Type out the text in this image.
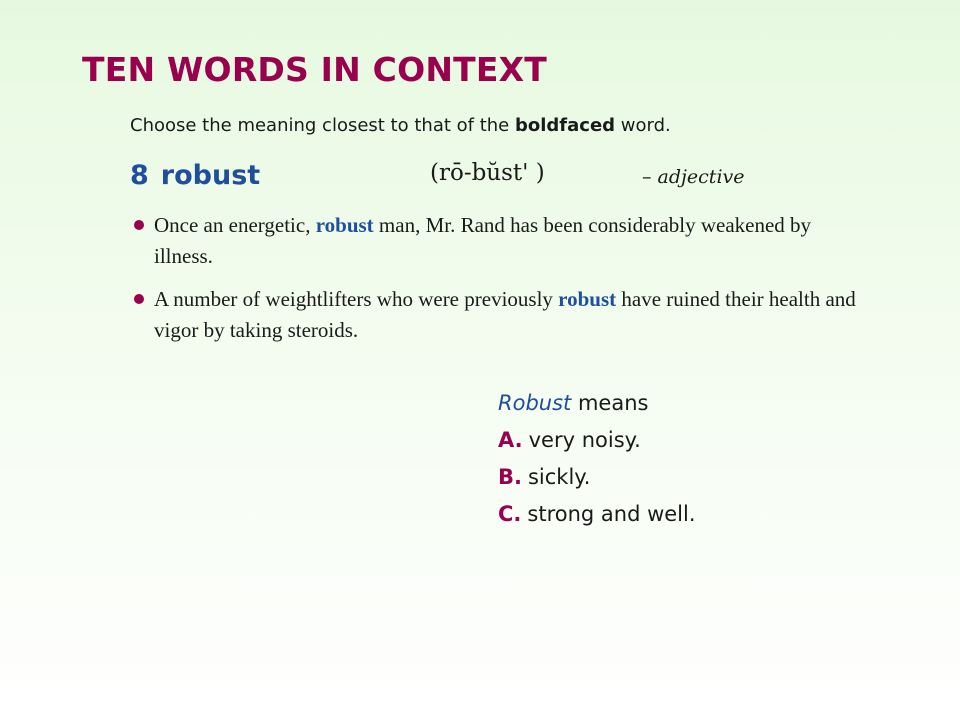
TEN WORDS IN CONTEXT
Choose the meaning closest to that of the boldfaced word.
8 robust	(rō-bŭst' )	– adjective
Once an energetic, robust man, Mr. Rand has been considerably weakened by illness.
A number of weightlifters who were previously robust have ruined their health and vigor by taking steroids.
Robust means
A. very noisy.
B. sickly.
C. strong and well.
